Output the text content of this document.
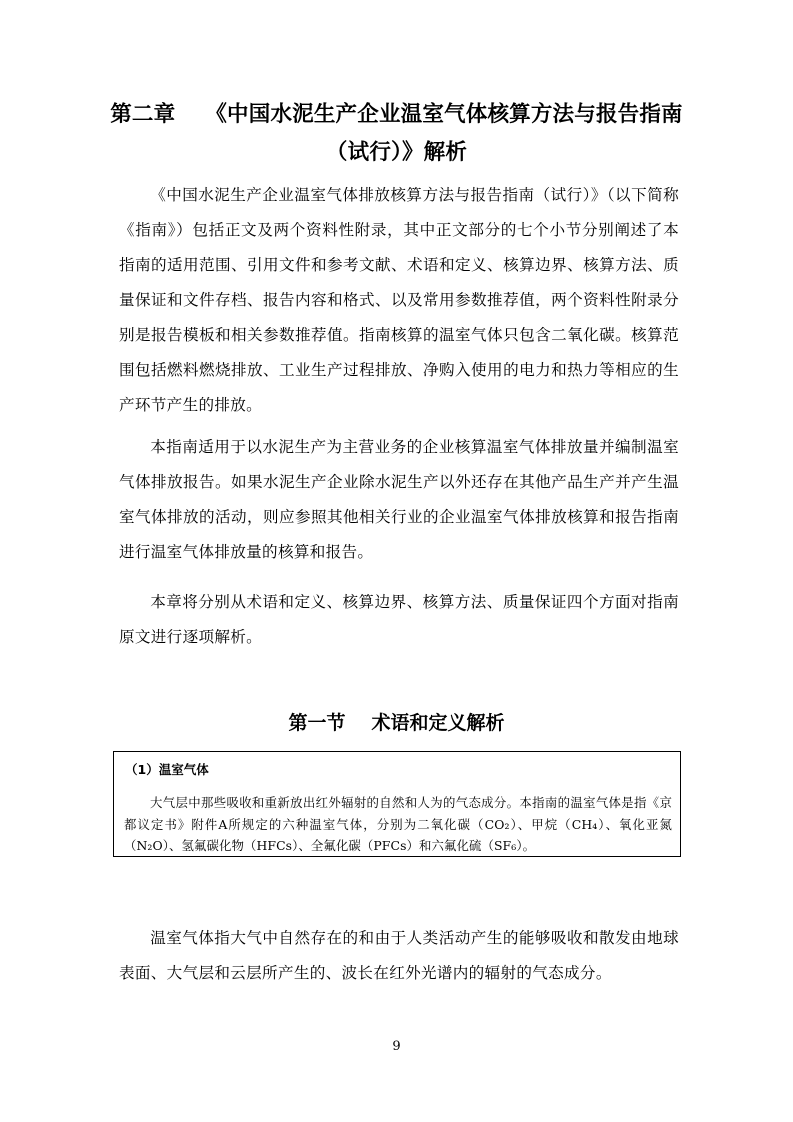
第二章 《中国水泥生产企业温室气体核算方法与报告指南
（试行）》解析

《中国水泥生产企业温室气体排放核算方法与报告指南（试行）》（以下简称《指南》）包括正文及两个资料性附录，其中正文部分的七个小节分别阐述了本指南的适用范围、引用文件和参考文献、术语和定义、核算边界、核算方法、质量保证和文件存档、报告内容和格式、以及常用参数推荐值，两个资料性附录分别是报告模板和相关参数推荐值。指南核算的温室气体只包含二氧化碳。核算范围包括燃料燃烧排放、工业生产过程排放、净购入使用的电力和热力等相应的生产环节产生的排放。

本指南适用于以水泥生产为主营业务的企业核算温室气体排放量并编制温室气体排放报告。如果水泥生产企业除水泥生产以外还存在其他产品生产并产生温室气体排放的活动，则应参照其他相关行业的企业温室气体排放核算和报告指南进行温室气体排放量的核算和报告。

本章将分别从术语和定义、核算边界、核算方法、质量保证四个方面对指南原文进行逐项解析。

第一节 术语和定义解析
（1）温室气体

大气层中那些吸收和重新放出红外辐射的自然和人为的气态成分。本指南的温室气体是指《京都议定书》附件A所规定的六种温室气体，分别为二氧化碳（CO₂）、甲烷（CH₄）、氧化亚氮（N₂O）、氢氟碳化物（HFCs）、全氟化碳（PFCs）和六氟化硫（SF₆）。

温室气体指大气中自然存在的和由于人类活动产生的能够吸收和散发由地球表面、大气层和云层所产生的、波长在红外光谱内的辐射的气态成分。

9
